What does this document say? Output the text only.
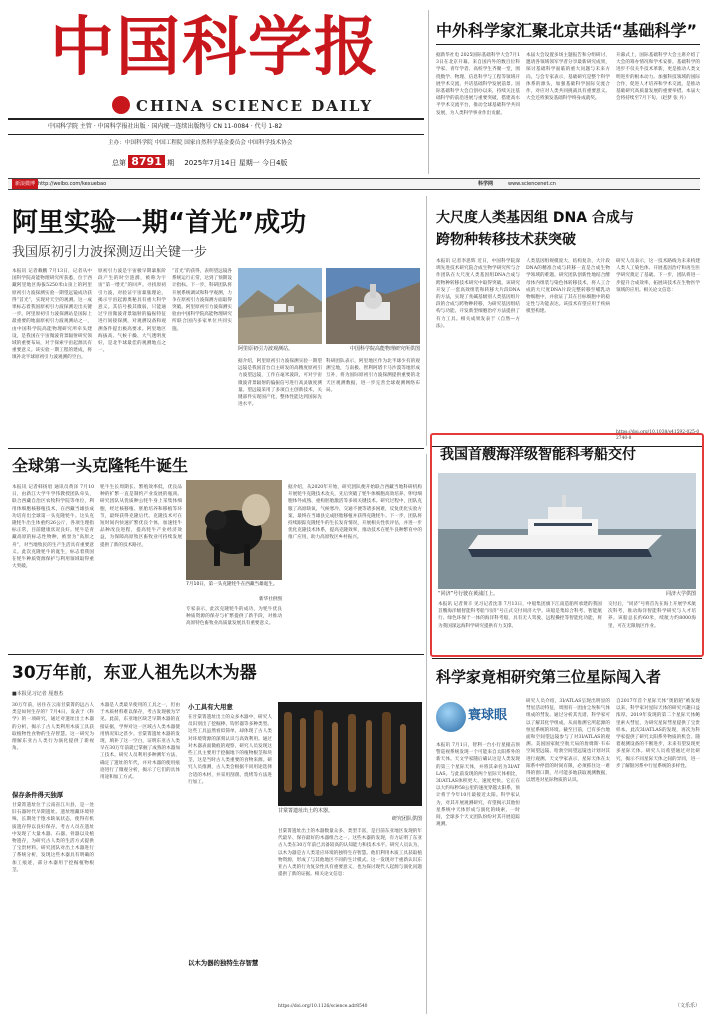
中国科学报
CHINA SCIENCE DAILY
中国科学院 主管 · 中国科学报社出版 · 国内统一连续出版物号 CN 11-0084 · 代号 1-82
主办：中国科学院 中国工程院 国家自然科学基金委员会 中国科学技术协会
总第 8791 期 2025年7月14日 星期一 今日4版
新浪微博 http://weibo.com/kexuebao	科学网	www.sciencenet.cn
中外科学家汇聚北京共话“基础科学”
据新华社电 2025国际基础科学大会7月13日在北京开幕。来自国内外的数百位科学家、青年学者、高校学生齐聚一堂，围绕数学、物理、信息科学与工程等领域开展学术交流，共话基础科学发展前景。国际基础科学大会自创办以来，持续关注基础科学的前沿进展与重要突破，搭建高水平学术交流平台，推动全球基础科学共同发展，为人类科学事业作出贡献。
本届大会设置多场主题报告和分组研讨，邀请各领域领军学者分享最新研究成果，探讨基础科学面临的重大问题与未来方向。与会专家表示，基础研究是整个科学体系的源头，加强基础科学国际交流合作，对应对人类共同挑战具有重要意义。大会还将颁发基础科学终身成就奖。
开幕式上，国际基础科学大会主席介绍了大会的筹办情况和学术安排。基础科学的进步不仅关乎技术革新，更是推动人类文明进步的根本动力。加强科技领域的国际合作，促进人才培养和学术交流，是推动基础研究高质量发展的重要举措。本届大会将持续至7月下旬。（赵梦 张 丹）
阿里实验一期“首光”成功
我国原初引力波探测迈出关键一步
本报讯 记者赖鹏 7月13日，记者从中国科学院高能物理研究所获悉，位于西藏阿里地区海拔5250米山顶上的阿里原初引力波探测实验一期望远镜成功获得“首光”，实现对天空的观测。这一成果标志着我国原初引力波探测迈出关键一步。阿里原初引力波探测站是国际上最重要的地面原初引力波观测站之一，由中国科学院高能物理研究所牵头建设，是我国在宇宙微波背景辐射研究领域的重要布局，对于探索宇宙起源具有重要意义。该实验一期工程的建成，将填补北半球原初引力波观测的空白。
原初引力波是宇宙极早期暴胀阶段产生的时空涟漪，被称为宇宙“第一缕光”的回声。寻找原初引力波，对验证宇宙暴胀理论、揭示宇宙起源奥秘具有重大科学意义。其信号极其微弱，只能通过宇宙微波背景辐射的偏振特征进行间接探测，对观测设备和观测条件提出极高要求。阿里地区海拔高、气候干燥、大气透明度好，是北半球最佳的观测地点之一。
“首光”的获得，表明望远镜各系统运行正常，达到了预期设计指标。下一步，科研团队将开展系统调试和科学观测，力争在原初引力波探测方面取得突破。阿里原初引力波探测实验由中国科学院高能物理研究所联合国内多家单位共同实施。
阿里原初引力波观测站。	中国科学院高能物理研究所供图
据介绍，阿里原初引力波探测实验一期望远镜是我国首台自主研发的高精度原初引力波望远镜，工作在毫米波段，可对宇宙微波背景辐射的偏振信号进行高灵敏度测量。望远镜采用了多项自主创新技术，关键部件实现国产化，整体性能达到国际先进水平。
科研团队表示，阿里地区作为北半球少有的观测宝地，与南极、智利阿塔卡马沙漠等地形成互补，将为国际原初引力波探测提供重要的北天区观测数据，进一步完善全球观测网络布局。
大尺度人类基因组 DNA 合成与
跨物种转移技术获突破
本报讯 记者李思辉 近日，中国科学院深圳先进技术研究院合成生物学研究所与合作团队在大尺度人类基因组DNA合成与跨物种转移技术研究中取得突破。该研究开发了一套高效组装和转移大片段DNA的方法，实现了兆碱基级别人类基因组片段的合成与跨物种转移，为研究基因组结构与功能、开发新型细胞治疗方法提供了有力工具。相关成果发表于《自然—方法》。
人类基因组规模庞大、结构复杂，大片段DNA的精准合成与转移一直是合成生物学领域的难题。研究团队创新性地结合酵母体内组装与染色体转移技术，将人工合成的大尺度DNA片段完整转移至哺乳动物细胞中，并验证了其在目标细胞中的稳定性与功能表达。该技术有望应用于疾病模型构建。
研究人员表示，这一技术路线为未来构建人类人工染色体、开展基因治疗和再生医学研究奠定了基础。下一步，团队将进一步提升合成效率，拓展该技术在生物医学领域的应用。相关论文信息：
https://doi.org/10.1038/s41592-025-02740-8
我国首艘海洋级智能科考船交付
“同济”号行驶在黄浦江上。	同济大学供图
本报讯 记者黄辛 见习记者沈菲 7月13日，中船集团旗下江南造船所承建的我国首艘海洋级智能科考船“同济”号正式交付同济大学。该船是集综合科考、智能航行、绿色环保于一体的海洋科考船，具有无人驾驶、远程操控等智能化功能，将为我国深远海科学研究提供有力支撑。
交付后，“同济”号将首先在海上开展学术航次科考，推动海洋智能科学研究与人才培养。该船总长约60米，续航力约8000海里，可在无限航区作业。
全球第一头克隆牦牛诞生
本报讯 记者韩扬眉 通讯员黄泽 7月10日，由新江大学牛学伟教授团队牵头，联合西藏自治区农牧科学院等单位，利用体细胞核移植技术，在西藏当雄县成功培育出全球第一头克隆牦牛。这头克隆牦牛出生体重约26公斤，各项生理指标正常，目前健康状况良好。牦牛是青藏高原的标志性物种，被誉为“高原之舟”，对当地牧民的生产生活具有重要意义。此次克隆牦牛的诞生，标志着我国在牦牛种质资源保护与利用领域取得重大突破。
牦牛生长周期长、繁殖效率低，优良品种的扩繁一直是制约产业发展的瓶颈。研究团队从优质种公牦牛身上采集体细胞，经过核移植、胚胎培养和移植等环节，最终获得克隆后代。克隆技术可在短时间内快速扩繁优良个体，加速牦牛品种改良进程，提高牦牛产业经济效益，为保障高原牧区畜牧业可持续发展提供了新的技术路径。
7月10日，第一头克隆牦牛在西藏当雄诞生。
新华社供图
专家表示，此次克隆牦牛的成功，为牦牛优良种质资源的保存与扩繁提供了新手段，对推动高原特色畜牧业高质量发展具有重要意义。
据介绍，从2020年开始，研究团队便开始联合西藏当地科研机构开展牦牛克隆技术攻关，先后突破了牦牛体细胞高效培养、卵母细胞体外成熟、重构胚胎激活等多项关键技术。研究过程中，团队克服了高原缺氧、气候寒冷、交通不便等诸多困难，反复优化实验方案，最终在当雄县完成胚胎移植并获得克隆牦牛。下一步，团队将持续跟踪克隆牦牛的生长发育情况，开展相关性状评估，并进一步优化克隆技术体系，提高克隆效率，推动技术在牦牛良种繁育中的推广应用，助力高原牧区乡村振兴。
30万年前，东亚人祖先以木为器
■本报见习记者 厘惠杰
30万年前，居住在云南甘棠箐的远古人类是如何生存的？7月4日，发表于《科学》的一项研究，通过对遗址出土木器的分析，揭示了古人类利用木质工具获取植物性食物的生存智慧。这一研究为理解东亚古人类行为演化提供了新视角。
保存条件得天独厚
甘棠箐遗址位于云南省江川县，是一处旧石器时代早期遗址。遗址埋藏环境特殊，长期处于饱水缺氧状态，使得有机质遗存得以良好保存。考古人员在遗址中发现了大量木器、石器、骨器以及植物遗存，为研究古人类的生活方式提供了宝贵材料。研究团队对出土木器进行了系统分析，发现这些木器具有明确的加工痕迹，部分木器用于挖掘植物根茎。
木器是人类最早使用的工具之一，但由于木质材料难以保存，考古发现极为罕见。此前，东亚地区缺乏早期木器的直接证据，学界对这一区域古人类木器使用情况知之甚少。甘棠箐遗址木器的发现，填补了这一空白，证明东亚古人类早在30万年前就已掌握了成熟的木器加工技术。研究人员利用多种测年方法，确定了遗址的年代，并对木器的使用痕迹进行了微观分析，揭示了它们的具体用途和加工方式。
小工具有大用意
在甘棠箐遗址出土的众多木器中，研究人员识别出了挖掘棒、钩形器等多种类型。这些工具虽然看似简单，却体现了古人类对环境资源的深刻认识与高效利用。通过对木器表面微痕的观察，研究人员发现这些工具主要用于挖掘地下的植物根茎和块茎，这是当时古人类重要的食物来源。研究人员推测，古人类会根据不同用途选择合适的木材，并采用刮削、烧烤等方法进行加工。
以木为器的独特生存智慧
甘棠箐遗址出土的木器。
研究团队供图
甘棠箐遗址出土的木器数量众多、类型丰富，是目前东亚地区发现的年代最早、保存最好的木器组合之一。这些木器的发现，有力证明了东亚古人类在30万年前已具备较高的认知能力和技术水平。研究人员认为，以木为器是古人类适应环境的独特生存智慧。他们利用木质工具获取植物资源，形成了与其他地区不同的生计模式。这一发现对于重新认识东亚古人类的行为复杂性具有重要意义，也为探讨现代人起源与演化问题提供了新的证据。相关论文信息：
https://doi.org/10.1126/science.adr8540
科学家竟相研究第三位星际闯入者
寰球眼
本报讯 7月1日，智利一台小行星撞击预警巡视系统发现一个可能来自太阳系外的新天体。天文学家随后确认这是人类发现的第三个星际天体，并将其命名为3I/ATLAS。与此前发现的两个星际天体相比，3I/ATLAS体积更大、速度更快。它正在以大约每秒58公里的速度穿越太阳系，预计将于今年10月最接近太阳。科学家认为，对其开展观测研究，有望揭示其他恒星系统中天体形成与演化的线索，一时间，全球多个天文团队纷纷对其开展追踪观测。
研究人员介绍，3I/ATLAS呈现出明显的彗星活动特征，周围有一团由尘埃和气体组成的彗发。通过分析其光谱，科学家可以了解其化学组成，从而推测它所起源的恒星系统的环境。截至目前，已有多台地面和空间望远镜参与了对3I/ATLAS的观测。美国国家航空航天局的詹姆斯·韦布空间望远镜、哈勃空间望远镜也计划对其进行观测。天文学家表示，星际天体在太阳系中停留的时间有限，必须抓住这一难得的窗口期，尽可能多地获取观测数据，以增进对星际物质的认识。
自2017年首个星际天体“奥陌陌”被发现以来，科学家对星际天体的研究兴趣日益浓厚。2019年发现的第二个星际天体鲍里索夫彗星，为研究星际彗星提供了宝贵样本。此次3I/ATLAS的发现，再次为科学家提供了研究太阳系外物质的机会。随着观测设备的不断进步，未来有望发现更多星际天体。研究人员希望通过对比研究，揭示不同星际天体之间的异同，进一步了解银河系中行星系统的多样性。
（文乐乐）
